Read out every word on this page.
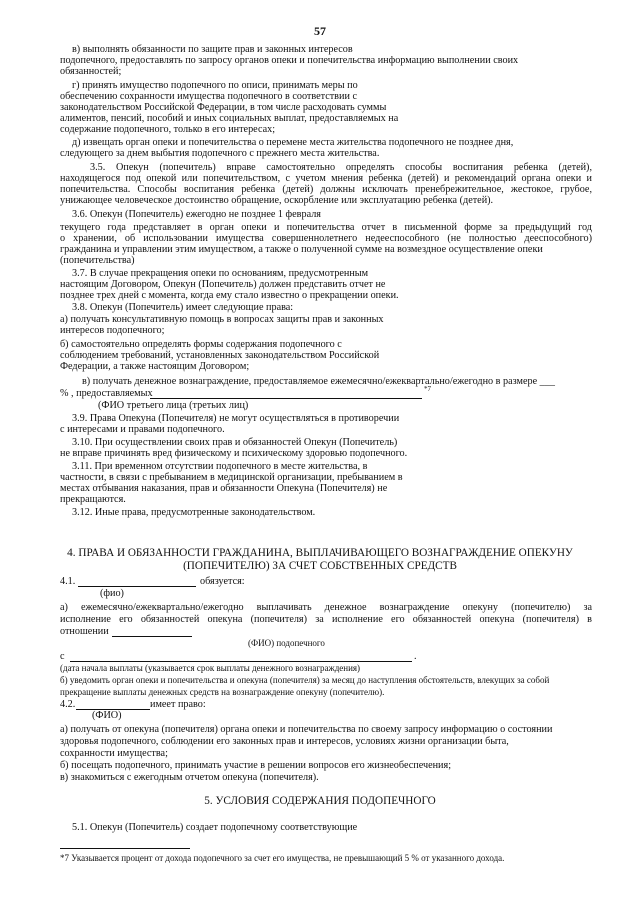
57
в) выполнять обязанности по защите прав и законных интересов
подопечного, предоставлять по запросу органов опеки и попечительства информацию выполнении своих
обязанностей;
г) принять имущество подопечного по описи, принимать меры по
обеспечению сохранности имущества подопечного в соответствии с
законодательством Российской Федерации, в том числе расходовать суммы
алиментов, пенсий, пособий и иных социальных выплат, предоставляемых на
содержание подопечного, только в его интересах;
д) извещать орган опеки и попечительства о перемене места жительства подопечного не позднее дня,
следующего за днем выбытия подопечного с прежнего места жительства.
3.5. Опекун (попечитель) вправе самостоятельно определять способы воспитания ребенка (детей),
находящегося под опекой или попечительством, с учетом мнения ребенка (детей) и рекомендаций органа опеки и
попечительства. Способы воспитания ребенка (детей) должны исключать пренебрежительное, жестокое, грубое,
унижающее человеческое достоинство обращение, оскорбление или эксплуатацию ребенка (детей).
3.6. Опекун (Попечитель) ежегодно не позднее 1 февраля
текущего года представляет в орган опеки и попечительства отчет в письменной форме за предыдущий год
о хранении, об использовании имущества совершеннолетнего недееспособного (не полностью дееспособного)
гражданина и управлении этим имуществом, а также о полученной сумме на возмездное осуществление опеки
(попечительства)
3.7. В случае прекращения опеки по основаниям, предусмотренным
настоящим Договором, Опекун (Попечитель) должен представить отчет не
позднее трех дней с момента, когда ему стало известно о прекращении опеки.
3.8. Опекун (Попечитель) имеет следующие права:
а) получать консультативную помощь в вопросах защиты прав и законных
интересов подопечного;
б) самостоятельно определять формы содержания подопечного с
соблюдением требований, установленных законодательством Российской
Федерации, а также настоящим Договором;
в) получать денежное вознаграждение, предоставляемое ежемесячно/ежеквартально/ежегодно в размере ___
% , предоставляемых	*7
(ФИО третьего лица (третьих лиц)
3.9. Права Опекуна (Попечителя) не могут осуществляться в противоречии
с интересами и правами подопечного.
3.10. При осуществлении своих прав и обязанностей Опекун (Попечитель)
не вправе причинять вред физическому и психическому здоровью подопечного.
3.11. При временном отсутствии подопечного в месте жительства, в
частности, в связи с пребыванием в медицинской организации, пребыванием в
местах отбывания наказания, прав и обязанности Опекуна (Попечителя) не
прекращаются.
3.12. Иные права, предусмотренные законодательством.
4. ПРАВА И ОБЯЗАННОСТИ ГРАЖДАНИНА, ВЫПЛАЧИВАЮЩЕГО ВОЗНАГРАЖДЕНИЕ ОПЕКУНУ
(ПОПЕЧИТЕЛЮ) ЗА СЧЕТ СОБСТВЕННЫХ СРЕДСТВ
4.1.	обязуется:
(фио)
а) ежемесячно/ежеквартально/ежегодно выплачивать денежное вознаграждение опекуну (попечителю) за
исполнение его обязанностей опекуна (попечителя) за исполнение его обязанностей опекуна (попечителя) в
отношении
(ФИО) подопечного
с	.
(дата начала выплаты (указывается срок выплаты денежного вознаграждения)
б) уведомить орган опеки и попечительства и опекуна (попечителя) за месяц до наступления обстоятельств, влекущих за собой
прекращение выплаты денежных средств на вознаграждение опекуну (попечителю).
4.2.	имеет право:
(ФИО)
а) получать от опекуна (попечителя) органа опеки и попечительства по своему запросу информацию о состоянии
здоровья подопечного, соблюдении его законных прав и интересов, условиях жизни организации быта,
сохранности имущества;
б) посещать подопечного, принимать участие в решении вопросов его жизнеобеспечения;
в) знакомиться с ежегодным отчетом опекуна (попечителя).
5. УСЛОВИЯ СОДЕРЖАНИЯ ПОДОПЕЧНОГО
5.1. Опекун (Попечитель) создает подопечному соответствующие
*7 Указывается процент от дохода подопечного за счет его имущества, не превышающий 5 % от указанного дохода.
